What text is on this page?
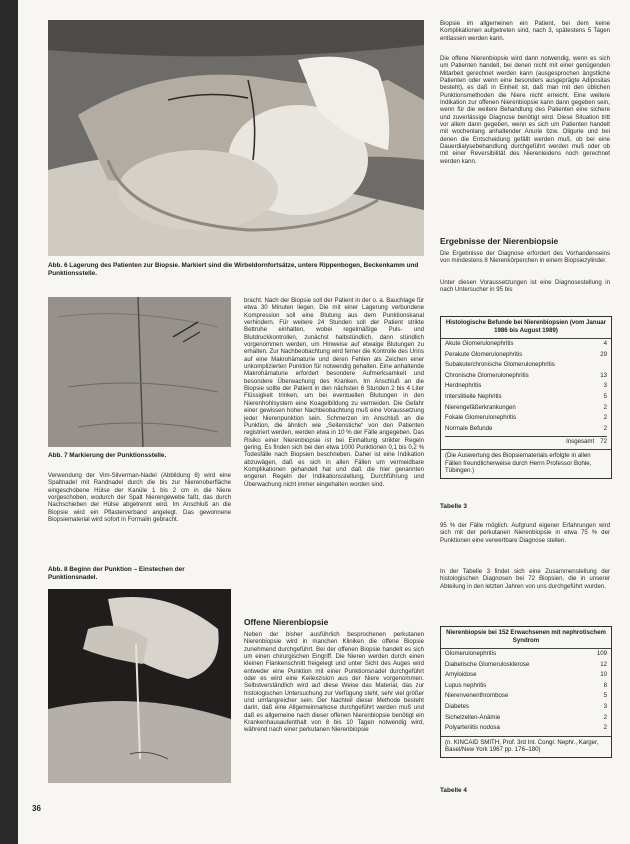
Abb. 6 Lagerung des Patienten zur Biopsie. Markiert sind die Wirbeldornfortsätze, untere Rippenbogen, Beckenkamm und Punktionsstelle.
Abb. 7 Markierung der Punktionsstelle.

Verwendung der Vim-Silverman-Nadel (Abbildung 8) wird eine Spaltnadel mit Randnadel durch die bis zur Nierenoberfläche eingeschobene Hülse der Kanüle 1 bis 2 cm in die Niere vorgeschoben, wodurch der Spalt Nierengewebe faßt, das durch Nachschieben der Hülse abgetrennt wird. Im Anschluß an die Biopsie wird ein Pflasterverband angelegt. Das gewonnene Biopsiematerial wird sofort in Formalin gebracht.

Abb. 8 Beginn der Punktion – Einstechen der Punktionsnadel.

bracht. Nach der Biopsie soll der Patient in der o. a. Bauchlage für etwa 30 Minuten liegen. Die mit einer Lagerung verbundene Kompression soll eine Blutung aus dem Punktionskanal verhindern. Für weitere 24 Stunden soll der Patient strikte Bettruhe einhalten, wobei regelmäßige Puls- und Blutdruckkontrollen, zunächst halbstündlich, dann stündlich vorgenommen werden, um Hinweise auf etwaige Blutungen zu erhalten. Zur Nachbeobachtung wird ferner die Kontrolle des Urins auf eine Makrohämaturie und deren Fehlen als Zeichen einer unkomplizierten Punktion für notwendig gehalten. Eine anhaltende Makrohämaturie erfordert besondere Aufmerksamkeit und besondere Überwachung des Kranken. Im Anschluß an die Biopsie sollte der Patient in den nächsten 6 Stunden 2 bis 4 Liter Flüssigkeit trinken, um bei eventuellen Blutungen in den Nierenhohlsystem eine Koagelbildung zu vermeiden. Die Gefahr einer gewissen hoher Nachbeobachtung muß eine Voraussetzung jeder Nierenpunktion sein. Schmerzen im Anschluß an die Punktion, die ähnlich wie „Seitenstiche“ von den Patienten registriert werden, werden etwa in 10 % der Fälle angegeben. Das Risiko einer Nierenbiopsie ist bei Einhaltung strikter Regeln gering. Es finden sich bei den etwa 1000 Punktionen 0,1 bis 0,2 % Todesfälle nach Biopsien beschrieben. Daher ist eine Indikation abzuwägen, daß es sich in allen Fällen um vermeidbare Komplikationen gehandelt hat und daß die hier genannten engeren Regeln der Indikationsstellung, Durchführung und Überwachung nicht immer eingehalten worden sind.

Offene Nierenbiopsie

Neben der bisher ausführlich besprochenen perkutanen Nierenbiopsie wird in manchen Kliniken die offene Biopsie zunehmend durchgeführt. Bei der offenen Biopsie handelt es sich um einen chirurgischen Eingriff. Die Nieren werden durch einen kleinen Flankenschnitt freigelegt und unter Sicht des Auges wird entweder eine Punktion mit einer Punktionsnadel durchgeführt oder es wird eine Keilexzision aus der Niere vorgenommen. Selbstverständlich wird auf diese Weise das Material, das zur histologischen Untersuchung zur Verfügung steht, sehr viel größer und umfangreicher sein. Der Nachteil dieser Methode besteht darin, daß eine Allgemeinnarkose durchgeführt werden muß und daß es allgemeine nach dieser offenen Nierenbiopsie benötigt ein Krankenhausaufenthalt von 8 bis 10 Tagen notwendig wird, während nach einer perkutanen Nierenbiopsie

Biopsie im allgemeinen ein Patient, bei dem keine Komplikationen aufgetreten sind, nach 3, spätestens 5 Tagen entlassen werden kann.

Die offene Nierenbiopsie wird dann notwendig, wenn es sich um Patienten handelt, bei denen nicht mit einer genügenden Mitarbeit gerechnet werden kann (ausgesprochen ängstliche Patienten oder wenn eine besonders ausgeprägte Adipositas besteht), es daß in Einheit ist, daß man mit den üblichen Punktionsmethoden die Niere nicht erreicht. Eine weitere Indikation zur offenen Nierenbiopsie kann dann gegeben sein, wenn für die weitere Behandlung des Patienten eine sichere und zuverlässige Diagnose benötigt wird. Diese Situation tritt vor allem dann gegeben, wenn es sich um Patienten handelt mit wochenlang anhaltender Anurie bzw. Oligurie und bei denen die Entscheidung gefällt werden muß, ob bei eine Dauerdialysebehandlung durchgeführt werden muß oder ob mit einer Reversibilität des Nierenleidens noch gerechnet werden kann.

Ergebnisse der Nierenbiopsie

Die Ergebnisse der Diagnose erfordert des Vorhandenseins von mindestens 8 Nierenkörperchen in einem Biopsiezylinder.

Unter diesen Voraussetzungen ist eine Diagnosestellung in nach Untersucher in 95 bis

Histologische Befunde bei Nierenbiopsien (vom Januar 1986 bis August 1989)
Akute Glomerulonephritis	4
Perakute Glomerulonephritis	29
Subakute/chronische Glomerulonephritis
Chronische Glomerulonephritis	13
Herdnephritis	3
Interstitielle Nephritis	5
Nierengefäßerkrankungen	2
Fokale Glomerulonephritis	2
Normale Befunde	2
Insgesamt 72
(Die Auswertung des Biopsiematerials erfolgte in allen Fällen freundlicherweise durch Herrn Professor Bohle, Tübingen.)
Tabelle 3

95 % der Fälle möglich. Aufgrund eigener Erfahrungen wird sich mit der perkutanen Nierenbiopsie in etwa 75 % der Punktionen eine verwertbare Diagnose stellen.

In der Tabelle 3 findet sich eine Zusammenstellung der histologischen Diagnosen bei 72 Biopsien, die in unserer Abteilung in den letzten Jahren von uns durchgeführt wurden.

Nierenbiopsie bei 152 Erwachsenen mit nephrotischem Syndrom
Glomerulonephritis	109
Diabetische Glomerulosklerose	12
Amyloidose	10
Lupus nephritis	8
Nierenvenenthrombose	5
Diabetes	3
Sichelzellen-Anämie	2
Polyarteriitis nodosa	2
(n. KINCAID SMITH, Prof. 3rd Int. Congr. Nephr., Karger, Basel/New York 1967 pp. 176–180)
Tabelle 4
36
